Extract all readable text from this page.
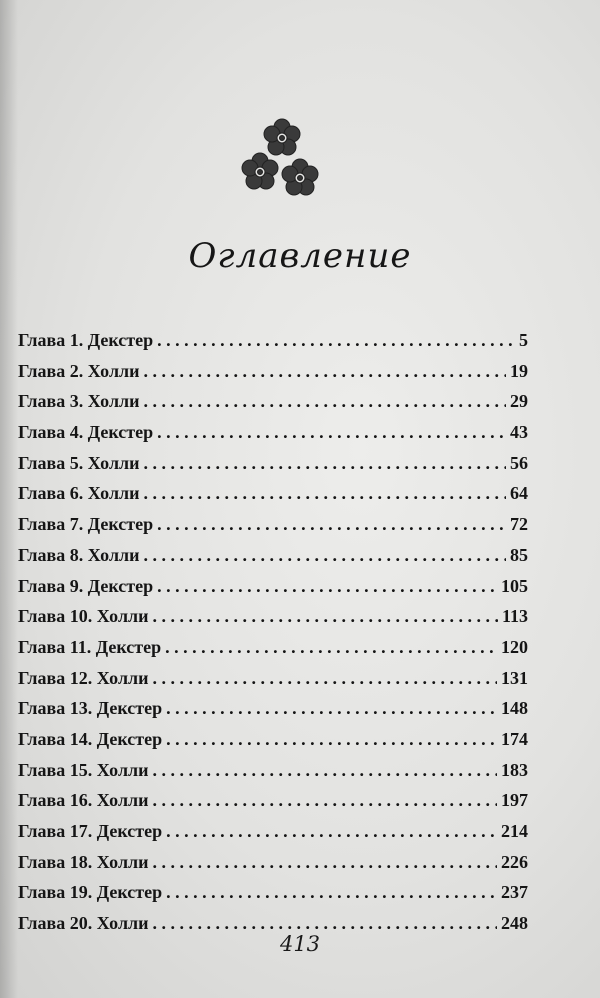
Оглавление
Глава 1. Декстер . . .	5
Глава 2. Холли . . .	19
Глава 3. Холли . . .	29
Глава 4. Декстер . . .	43
Глава 5. Холли . . .	56
Глава 6. Холли . . .	64
Глава 7. Декстер . . .	72
Глава 8. Холли . . .	85
Глава 9. Декстер . . .	105
Глава 10. Холли . . .	113
Глава 11. Декстер . . .	120
Глава 12. Холли . . .	131
Глава 13. Декстер . . .	148
Глава 14. Декстер . . .	174
Глава 15. Холли . . .	183
Глава 16. Холли . . .	197
Глава 17. Декстер . . .	214
Глава 18. Холли . . .	226
Глава 19. Декстер . . .	237
Глава 20. Холли . . .	248
413
